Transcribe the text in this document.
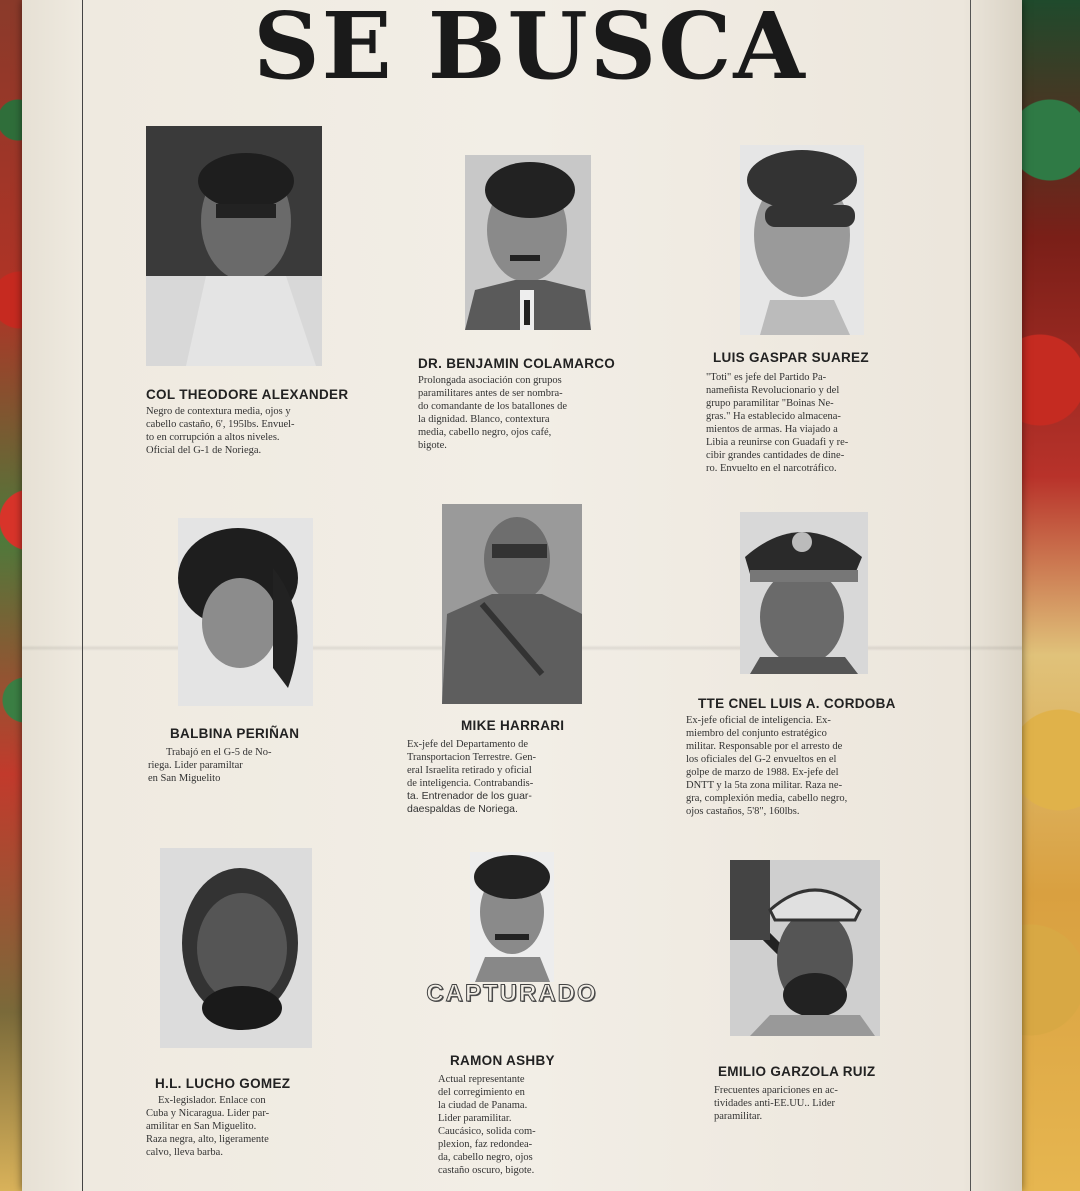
SE BUSCA
COL THEODORE ALEXANDER
Negro de contextura media, ojos y
cabello castaño, 6', 195lbs. Envuel-
to en corrupción a altos niveles.
Oficial del G-1 de Noriega.
DR. BENJAMIN COLAMARCO
Prolongada asociación con grupos
paramilitares antes de ser nombra-
do comandante de los batallones de
la dignidad. Blanco, contextura
media, cabello negro, ojos café,
bigote.
LUIS GASPAR SUAREZ
"Toti" es jefe del Partido Pa-
nameñista Revolucionario y del
grupo paramilitar "Boinas Ne-
gras." Ha establecido almacena-
mientos de armas. Ha viajado a
Libia a reunirse con Guadafi y re-
cibir grandes cantidades de dine-
ro. Envuelto en el narcotráfico.
BALBINA PERIÑAN
Trabajó en el G-5 de No-
riega. Lider paramiltar
en San Miguelito
MIKE HARRARI
Ex-jefe del Departamento de
Transportacion Terrestre. Gen-
eral Israelita retirado y oficial
de inteligencia. Contrabandis-
ta. Entrenador de los guar-
daespaldas de Noriega.
TTE CNEL LUIS A. CORDOBA
Ex-jefe oficial de inteligencia. Ex-
miembro del conjunto estratégico
militar. Responsable por el arresto de
los oficiales del G-2 envueltos en el
golpe de marzo de 1988. Ex-jefe del
DNTT y la 5ta zona militar. Raza ne-
gra, complexión media, cabello negro,
ojos castaños, 5'8", 160lbs.
CAPTURADO
H.L. LUCHO GOMEZ
Ex-legislador. Enlace con
Cuba y Nicaragua. Lider par-
amilitar en San Miguelito.
Raza negra, alto, ligeramente
calvo, lleva barba.
RAMON ASHBY
Actual representante
del corregimiento en
la ciudad de Panama.
Lider paramilitar.
Caucásico, solida com-
plexion, faz redondea-
da, cabello negro, ojos
castaño oscuro, bigote.
EMILIO GARZOLA RUIZ
Frecuentes apariciones en ac-
tividades anti-EE.UU.. Lider
paramilitar.
